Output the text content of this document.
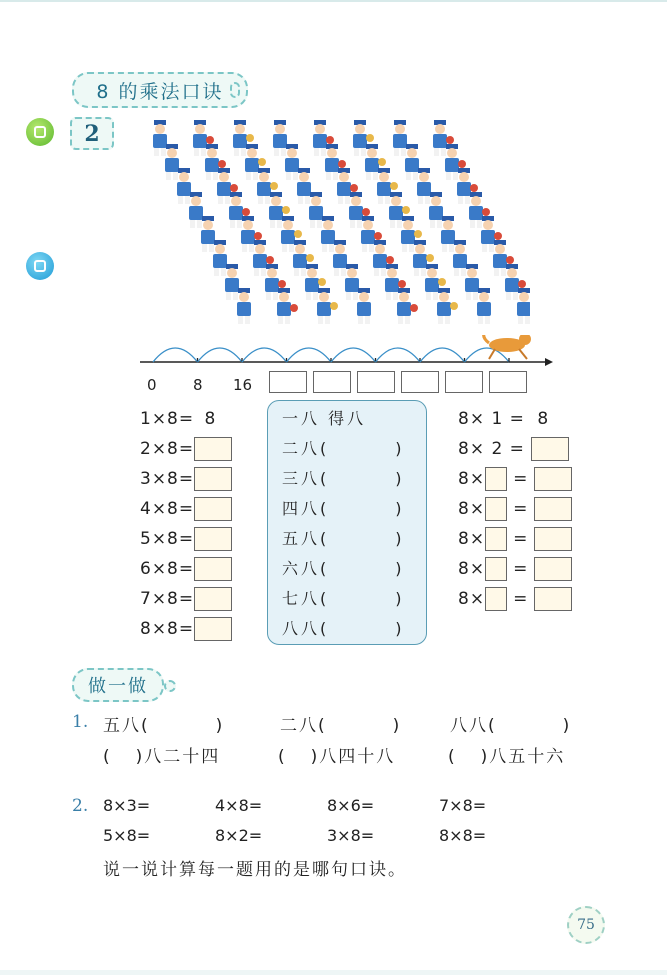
8 的乘法口诀
2
0 8 16
1×8= 8
2×8=
3×8=
4×8=
5×8=
6×8=
7×8=
8×8=
一八 得八
二八(	)
三八(	)
四八(	)
五八(	)
六八(	)
七八(	)
八八(	)
8× 1 = 8
8× 2 =
8× =
8× =
8× =
8× =
8× =
做一做
1. 五八(	)	二八(	)	八八(	)
( )八二十四	( )八四十八	( )八五十六
2. 8×3=	4×8=	8×6=	7×8=
5×8=	8×2=	3×8=	8×8=
说一说计算每一题用的是哪句口诀。
75
